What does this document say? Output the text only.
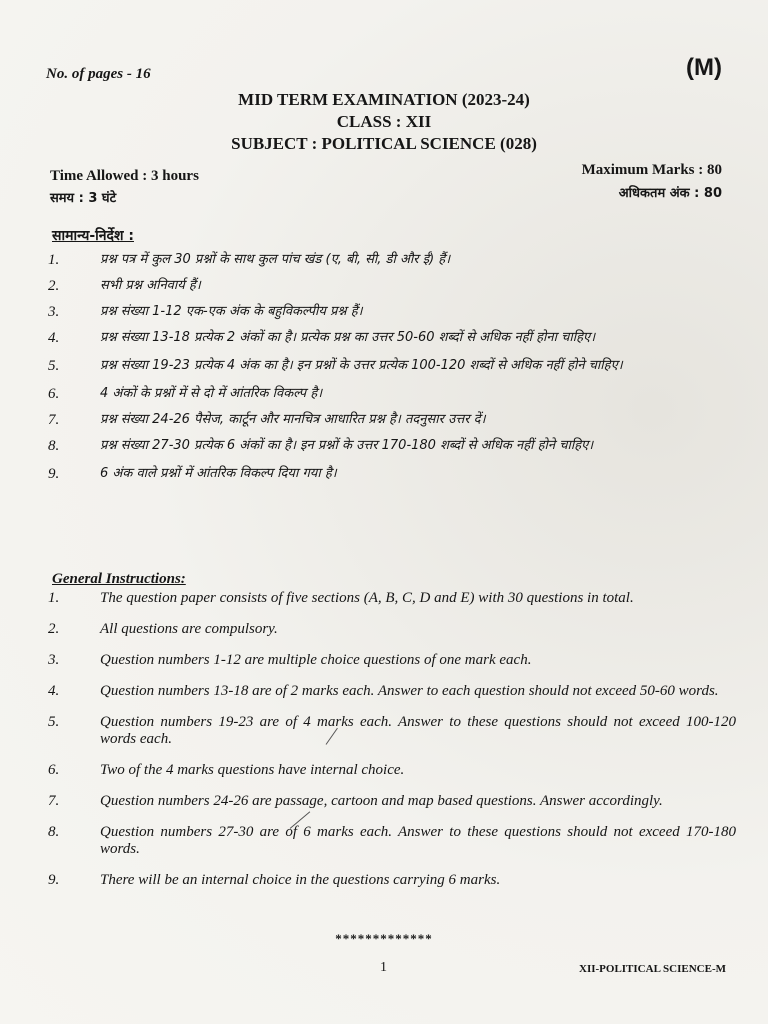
No. of pages - 16	(M)
MID TERM EXAMINATION (2023-24)
CLASS : XII
SUBJECT : POLITICAL SCIENCE (028)
Time Allowed : 3 hours
समय : 3 घंटे
Maximum Marks : 80
अधिकतम अंक : 80
सामान्य-निर्देश :
1.	प्रश्न पत्र में कुल 30 प्रश्नों के साथ कुल पांच खंड (ए, बी, सी, डी और ई) हैं।
2.	सभी प्रश्न अनिवार्य हैं।
3.	प्रश्न संख्या 1-12 एक-एक अंक के बहुविकल्पीय प्रश्न हैं।
4.	प्रश्न संख्या 13-18 प्रत्येक 2 अंकों का है। प्रत्येक प्रश्न का उत्तर 50-60 शब्दों से अधिक नहीं होना चाहिए।
5.	प्रश्न संख्या 19-23 प्रत्येक 4 अंक का है। इन प्रश्नों के उत्तर प्रत्येक 100-120 शब्दों से अधिक नहीं होने चाहिए।
6.	4 अंकों के प्रश्नों में से दो में आंतरिक विकल्प है।
7.	प्रश्न संख्या 24-26 पैसेज, कार्टून और मानचित्र आधारित प्रश्न है। तदनुसार उत्तर दें।
8.	प्रश्न संख्या 27-30 प्रत्येक 6 अंकों का है। इन प्रश्नों के उत्तर 170-180 शब्दों से अधिक नहीं होने चाहिए।
9.	6 अंक वाले प्रश्नों में आंतरिक विकल्प दिया गया है।
General Instructions:
1.	The question paper consists of five sections (A, B, C, D and E) with 30 questions in total.
2.	All questions are compulsory.
3.	Question numbers 1-12 are multiple choice questions of one mark each.
4.	Question numbers 13-18 are of 2 marks each. Answer to each question should not exceed 50-60 words.
5.	Question numbers 19-23 are of 4 marks each. Answer to these questions should not exceed 100-120 words each.
6.	Two of the 4 marks questions have internal choice.
7.	Question numbers 24-26 are passage, cartoon and map based questions. Answer accordingly.
8.	Question numbers 27-30 are of 6 marks each. Answer to these questions should not exceed 170-180 words.
9.	There will be an internal choice in the questions carrying 6 marks.
*************
1	XII-POLITICAL SCIENCE-M
